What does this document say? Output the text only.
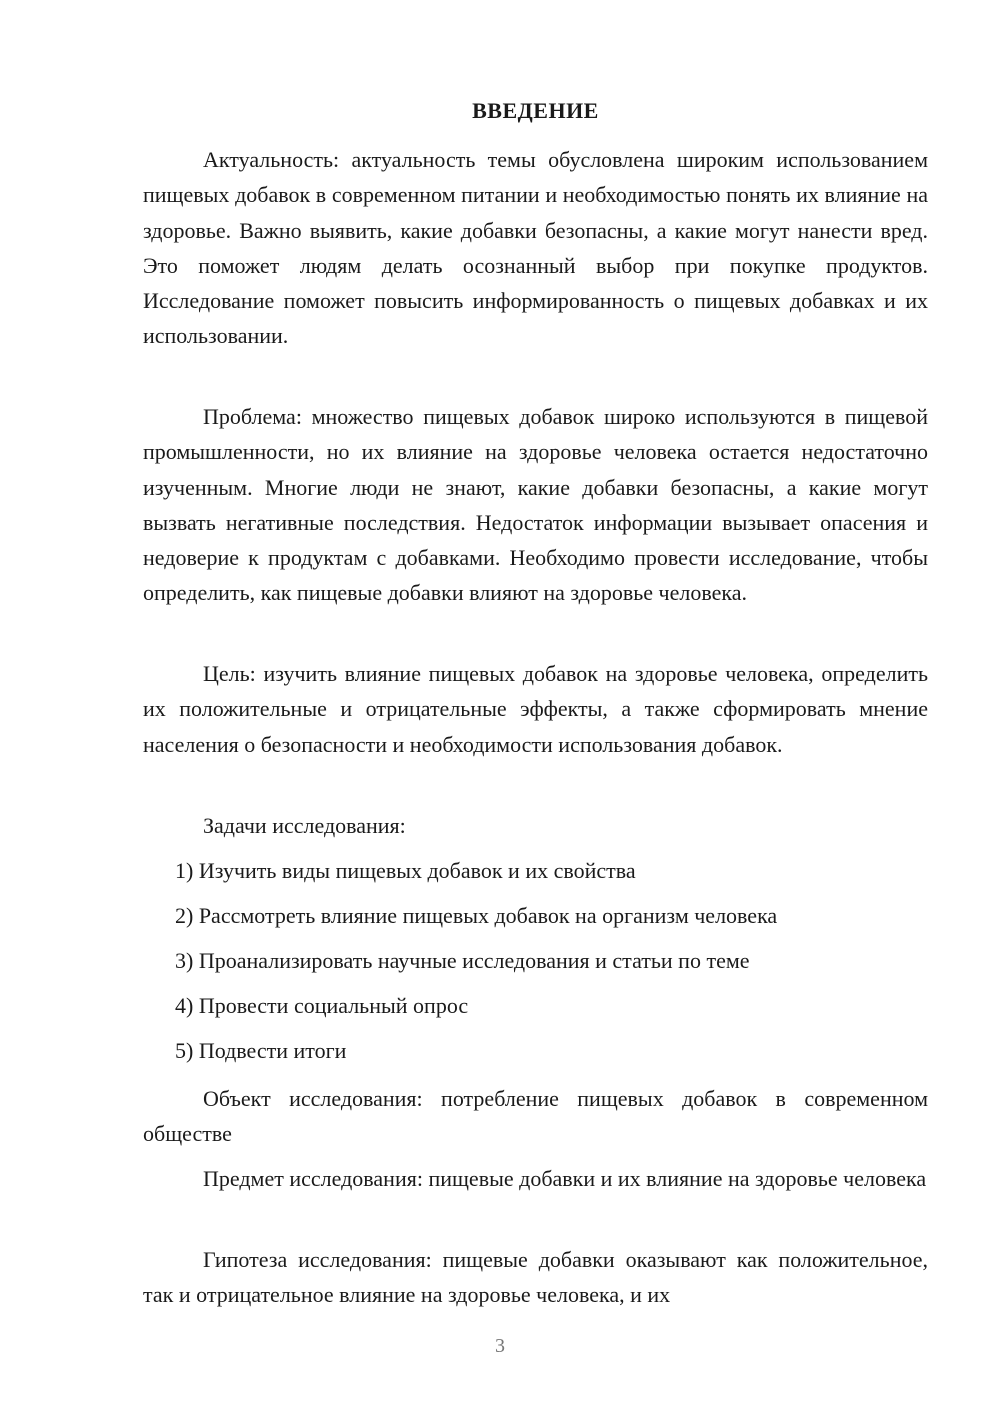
ВВЕДЕНИЕ

Актуальность: актуальность темы обусловлена широким использованием пищевых добавок в современном питании и необходимостью понять их влияние на здоровье. Важно выявить, какие добавки безопасны, а какие могут нанести вред. Это поможет людям делать осознанный выбор при покупке продуктов. Исследование поможет повысить информированность о пищевых добавках и их использовании.

Проблема: множество пищевых добавок широко используются в пищевой промышленности, но их влияние на здоровье человека остается недостаточно изученным. Многие люди не знают, какие добавки безопасны, а какие могут вызвать негативные последствия. Недостаток информации вызывает опасения и недоверие к продуктам с добавками. Необходимо провести исследование, чтобы определить, как пищевые добавки влияют на здоровье человека.

Цель: изучить влияние пищевых добавок на здоровье человека, определить их положительные и отрицательные эффекты, а также сформировать мнение населения о безопасности и необходимости использования добавок.

Задачи исследования:

1) Изучить виды пищевых добавок и их свойства

2) Рассмотреть влияние пищевых добавок на организм человека

3) Проанализировать научные исследования и статьи по теме

4) Провести социальный опрос

5) Подвести итоги

Объект исследования: потребление пищевых добавок в современном обществе

Предмет исследования: пищевые добавки и их влияние на здоровье человека

Гипотеза исследования: пищевые добавки оказывают как положительное, так и отрицательное влияние на здоровье человека, и их

3
